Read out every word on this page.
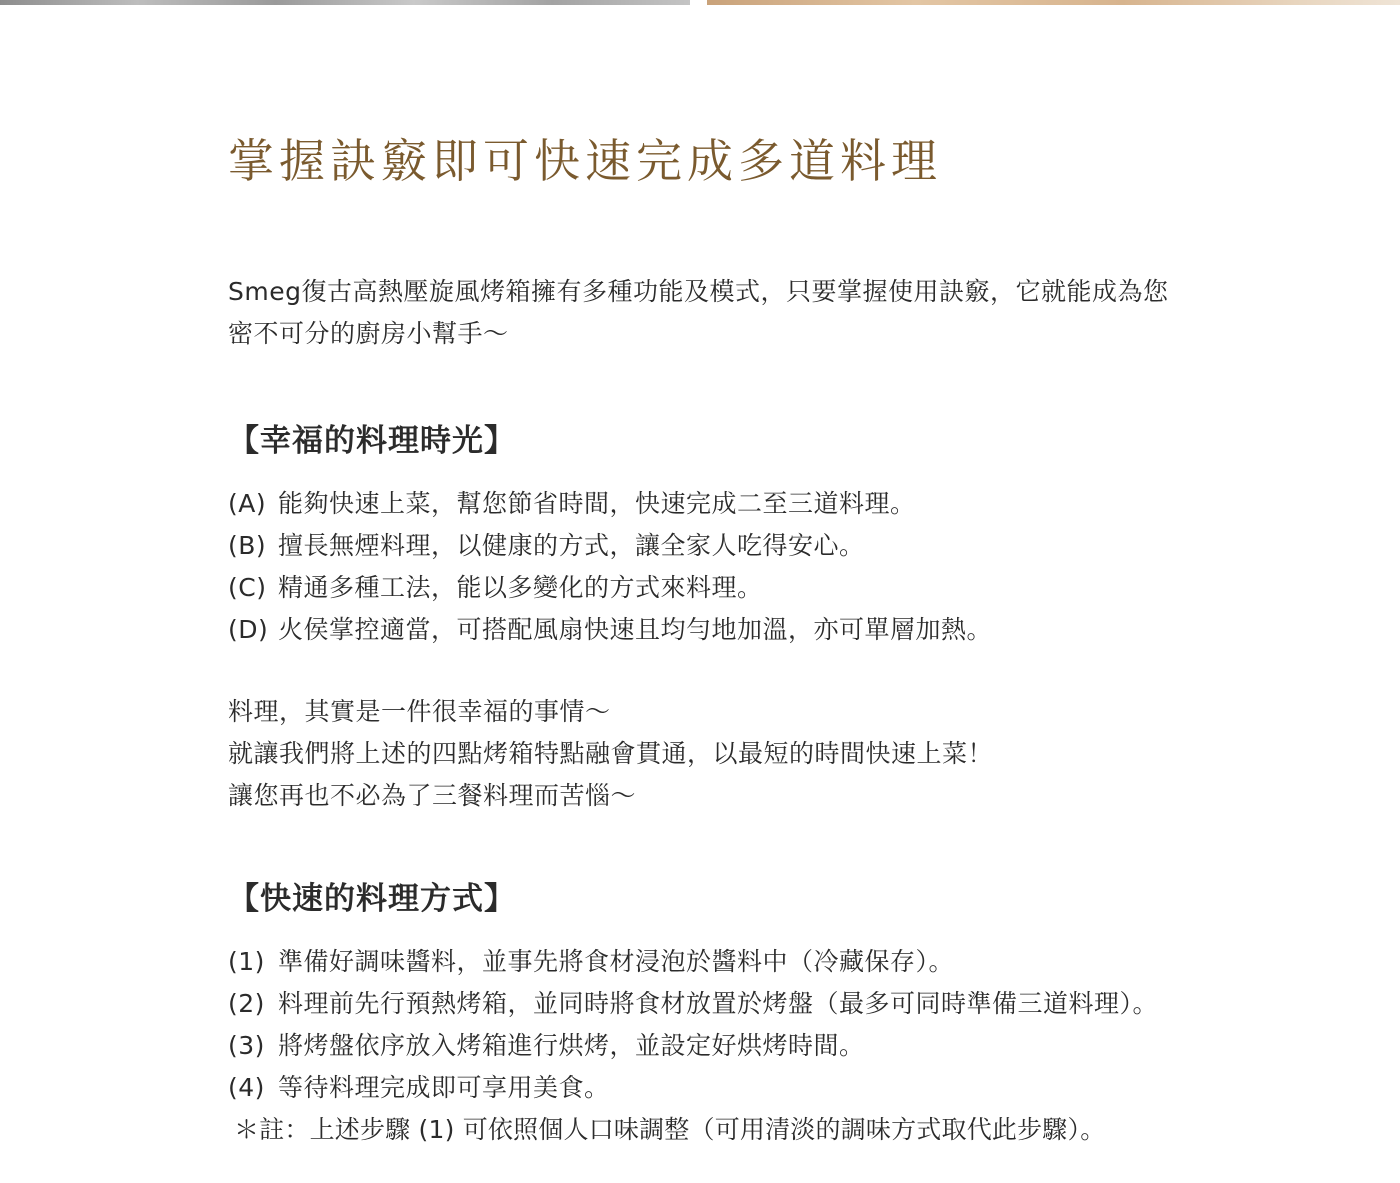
掌握訣竅即可快速完成多道料理

Smeg復古高熱壓旋風烤箱擁有多種功能及模式，只要掌握使用訣竅，它就能成為您密不可分的廚房小幫手～

【幸福的料理時光】
(A) 能夠快速上菜，幫您節省時間，快速完成二至三道料理。
(B) 擅長無煙料理，以健康的方式，讓全家人吃得安心。
(C) 精通多種工法，能以多變化的方式來料理。
(D) 火侯掌控適當，可搭配風扇快速且均勻地加溫，亦可單層加熱。
料理，其實是一件很幸福的事情～
就讓我們將上述的四點烤箱特點融會貫通，以最短的時間快速上菜！
讓您再也不必為了三餐料理而苦惱～
【快速的料理方式】
(1) 準備好調味醬料，並事先將食材浸泡於醬料中（冷藏保存）。
(2) 料理前先行預熱烤箱，並同時將食材放置於烤盤（最多可同時準備三道料理）。
(3) 將烤盤依序放入烤箱進行烘烤，並設定好烘烤時間。
(4) 等待料理完成即可享用美食。

＊註：上述步驟 (1) 可依照個人口味調整（可用清淡的調味方式取代此步驟）。
